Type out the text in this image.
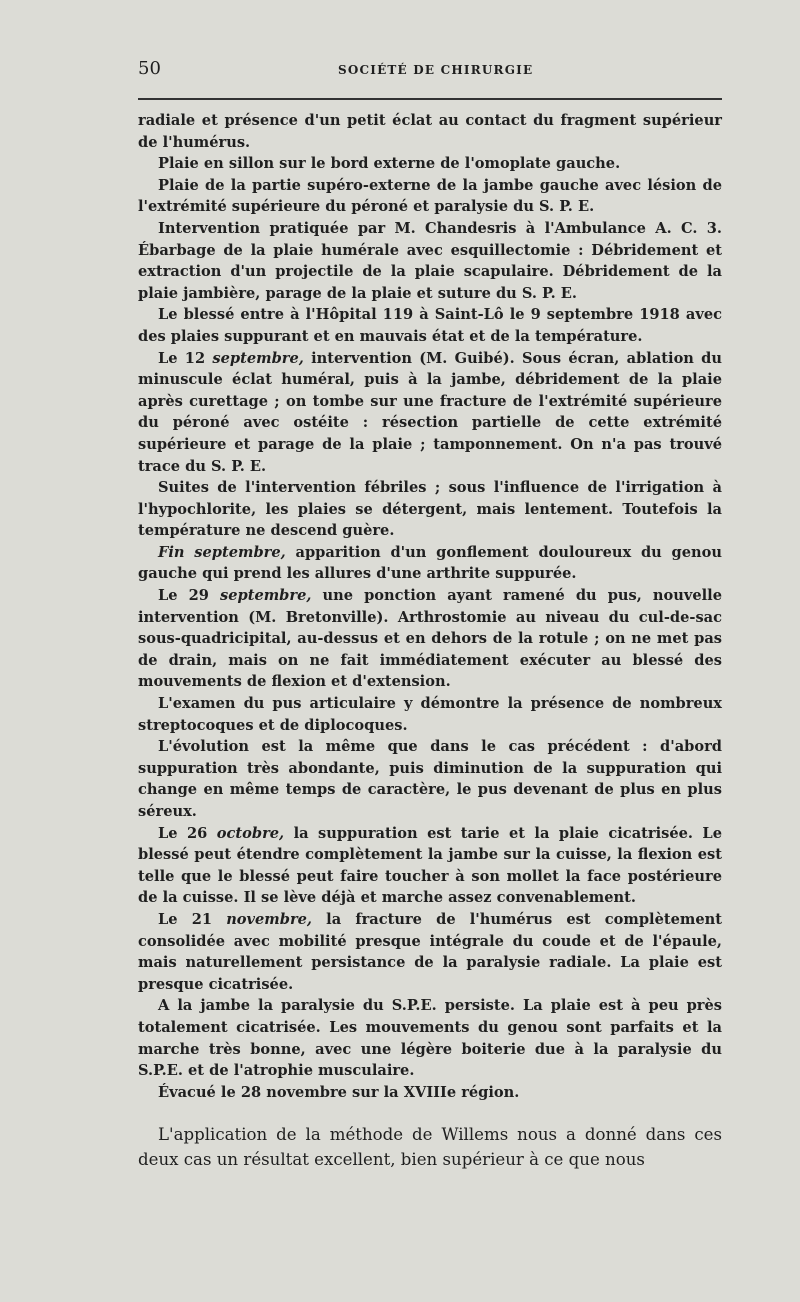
50	SOCIÉTÉ DE CHIRURGIE

radiale et présence d'un petit éclat au contact du fragment supérieur de l'humérus.

Plaie en sillon sur le bord externe de l'omoplate gauche.

Plaie de la partie supéro-externe de la jambe gauche avec lésion de l'extrémité supérieure du péroné et paralysie du S. P. E.

Intervention pratiquée par M. Chandesris à l'Ambulance A. C. 3. Ébarbage de la plaie humérale avec esquillectomie : Débridement et extraction d'un projectile de la plaie scapulaire. Débridement de la plaie jambière, parage de la plaie et suture du S. P. E.

Le blessé entre à l'Hôpital 119 à Saint-Lô le 9 septembre 1918 avec des plaies suppurant et en mauvais état et de la température.

Le 12 septembre, intervention (M. Guibé). Sous écran, ablation du minuscule éclat huméral, puis à la jambe, débridement de la plaie après curettage ; on tombe sur une fracture de l'extrémité supérieure du péroné avec ostéite : résection partielle de cette extrémité supérieure et parage de la plaie ; tamponnement. On n'a pas trouvé trace du S. P. E.

Suites de l'intervention fébriles ; sous l'influence de l'irrigation à l'hypochlorite, les plaies se détergent, mais lentement. Toutefois la température ne descend guère.

Fin septembre, apparition d'un gonflement douloureux du genou gauche qui prend les allures d'une arthrite suppurée.

Le 29 septembre, une ponction ayant ramené du pus, nouvelle intervention (M. Bretonville). Arthrostomie au niveau du cul-de-sac sous-quadricipital, au-dessus et en dehors de la rotule ; on ne met pas de drain, mais on ne fait immédiatement exécuter au blessé des mouvements de flexion et d'extension.

L'examen du pus articulaire y démontre la présence de nombreux streptocoques et de diplocoques.

L'évolution est la même que dans le cas précédent : d'abord suppuration très abondante, puis diminution de la suppuration qui change en même temps de caractère, le pus devenant de plus en plus séreux.

Le 26 octobre, la suppuration est tarie et la plaie cicatrisée. Le blessé peut étendre complètement la jambe sur la cuisse, la flexion est telle que le blessé peut faire toucher à son mollet la face postérieure de la cuisse. Il se lève déjà et marche assez convenablement.

Le 21 novembre, la fracture de l'humérus est complètement consolidée avec mobilité presque intégrale du coude et de l'épaule, mais naturellement persistance de la paralysie radiale. La plaie est presque cicatrisée.

A la jambe la paralysie du S.P.E. persiste. La plaie est à peu près totalement cicatrisée. Les mouvements du genou sont parfaits et la marche très bonne, avec une légère boiterie due à la paralysie du S.P.E. et de l'atrophie musculaire.

Évacué le 28 novembre sur la XVIIIe région.

L'application de la méthode de Willems nous a donné dans ces deux cas un résultat excellent, bien supérieur à ce que nous
